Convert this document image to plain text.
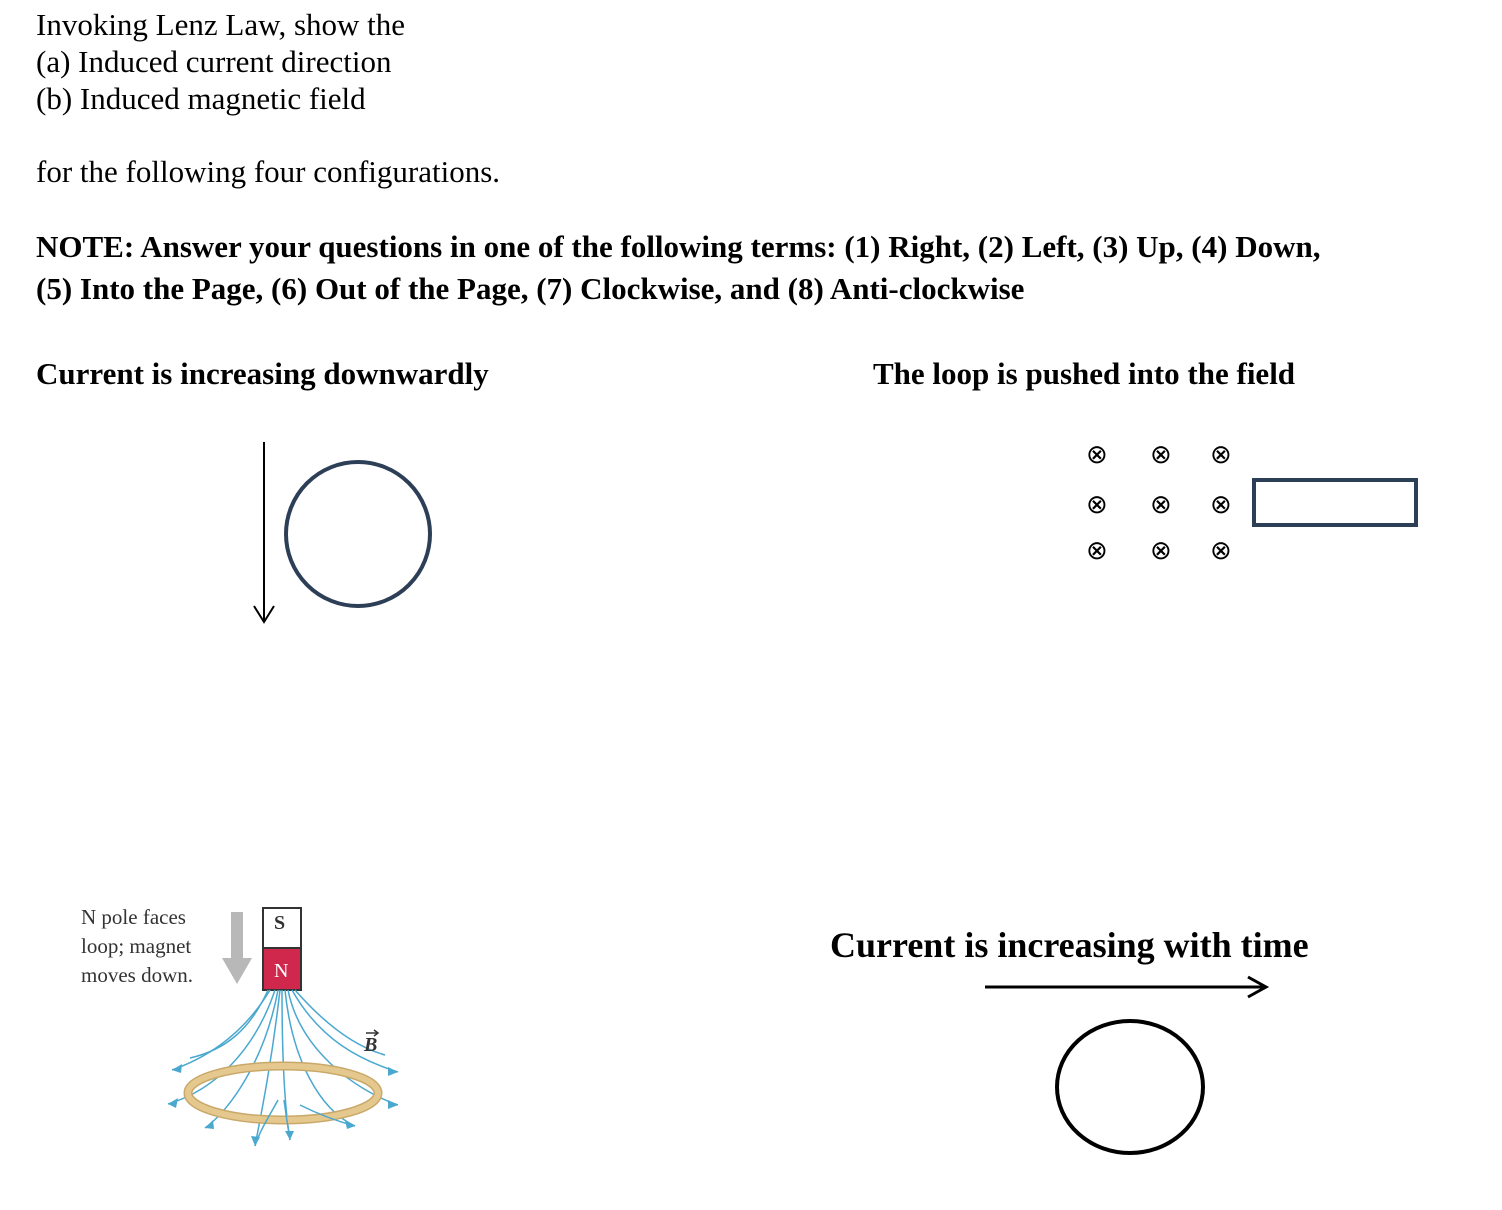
Invoking Lenz Law, show the
(a) Induced current direction
(b) Induced magnetic field
for the following four configurations.
NOTE: Answer your questions in one of the following terms: (1) Right, (2) Left, (3) Up, (4) Down,
(5) Into the Page, (6) Out of the Page, (7) Clockwise, and (8) Anti-clockwise
Current is increasing downwardly	The loop is pushed into the field
⊗ ⊗ ⊗
⊗ ⊗ ⊗
⊗ ⊗ ⊗
N pole faces
loop; magnet
moves down.
S
N
B
Current is increasing with time
